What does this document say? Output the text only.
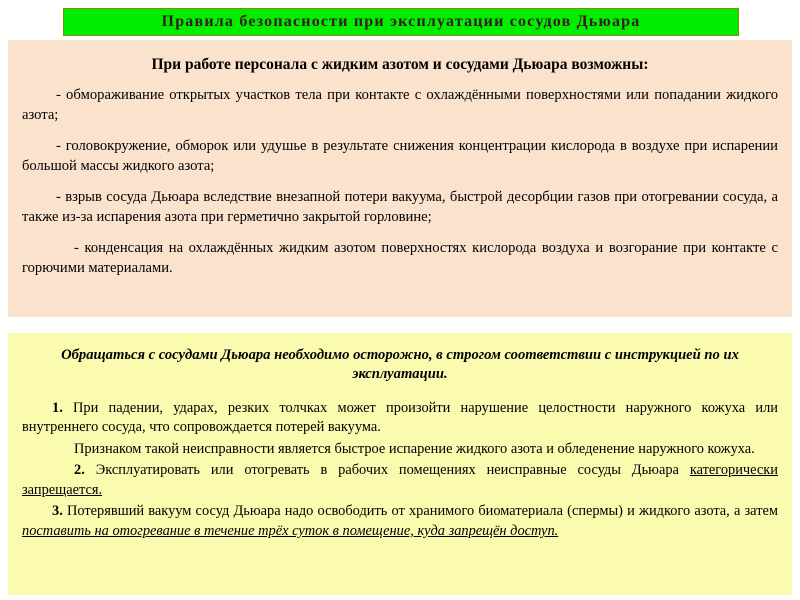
Правила безопасности при эксплуатации сосудов Дьюара
При работе персонала с жидким азотом и сосудами Дьюара возможны:

- обмораживание открытых участков тела при контакте с охлаждёнными поверхностями или попадании жидкого азота;

- головокружение, обморок или удушье в результате снижения концентрации кислорода в воздухе при испарении большой массы жидкого азота;

- взрыв сосуда Дьюара вследствие внезапной потери вакуума, быстрой десорбции газов при отогревании сосуда, а также из-за испарения азота при герметично закрытой горловине;

- конденсация на охлаждённых жидким азотом поверхностях кислорода воздуха и возгорание при контакте с горючими материалами.

Обращаться с сосудами Дьюара необходимо осторожно, в строгом соответствии с инструкцией по их эксплуатации.

1. При падении, ударах, резких толчках может произойти нарушение целостности наружного кожуха или внутреннего сосуда, что сопровождается потерей вакуума.

Признаком такой неисправности является быстрое испарение жидкого азота и обледенение наружного кожуха.

2. Эксплуатировать или отогревать в рабочих помещениях неисправные сосуды Дьюара категорически запрещается.

3. Потерявший вакуум сосуд Дьюара надо освободить от хранимого биоматериала (спермы) и жидкого азота, а затем поставить на отогревание в течение трёх суток в помещение, куда запрещён доступ.
